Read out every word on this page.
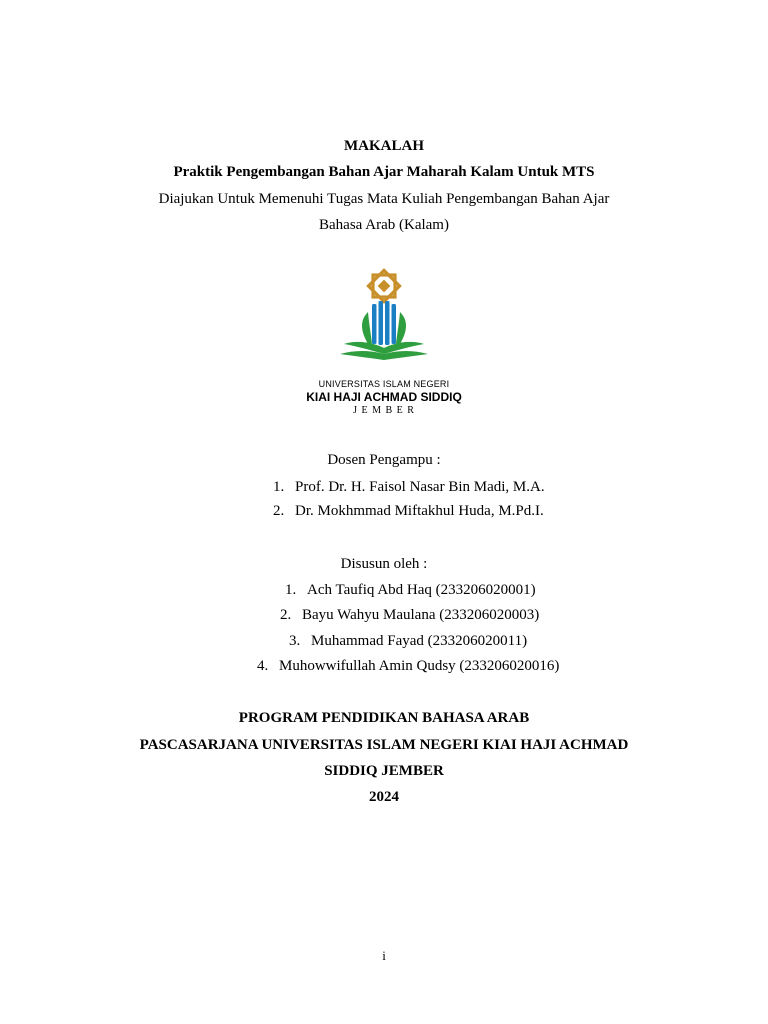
MAKALAH
Praktik Pengembangan Bahan Ajar Maharah Kalam Untuk MTS
Diajukan Untuk Memenuhi Tugas Mata Kuliah Pengembangan Bahan Ajar
Bahasa Arab (Kalam)
UNIVERSITAS ISLAM NEGERI
KIAI HAJI ACHMAD SIDDIQ
J E M B E R
Dosen Pengampu :
1. Prof. Dr. H. Faisol Nasar Bin Madi, M.A.
2. Dr. Mokhmmad Miftakhul Huda, M.Pd.I.
Disusun oleh :
1. Ach Taufiq Abd Haq (233206020001)
2. Bayu Wahyu Maulana (233206020003)
3. Muhammad Fayad (233206020011)
4. Muhowwifullah Amin Qudsy (233206020016)
PROGRAM PENDIDIKAN BAHASA ARAB
PASCASARJANA UNIVERSITAS ISLAM NEGERI KIAI HAJI ACHMAD
SIDDIQ JEMBER
2024
i
